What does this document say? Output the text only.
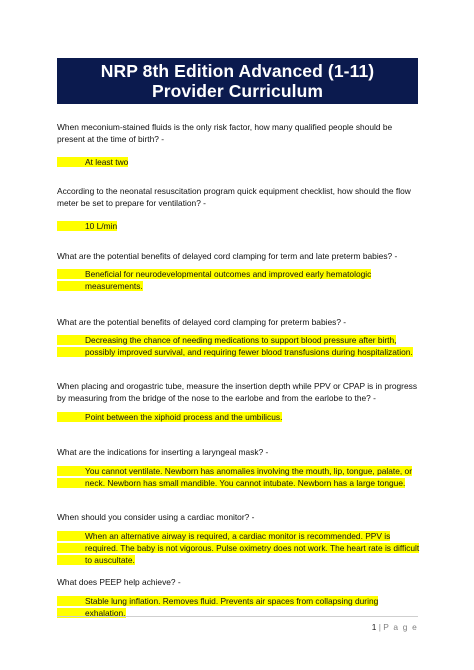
NRP 8th Edition Advanced (1-11)
Provider Curriculum

When meconium-stained fluids is the only risk factor, how many qualified people should be present at the time of birth? -

At least two

According to the neonatal resuscitation program quick equipment checklist, how should the flow meter be set to prepare for ventilation? -

10 L/min

What are the potential benefits of delayed cord clamping for term and late preterm babies? -

Beneficial for neurodevelopmental outcomes and improved early hematologic measurements.

What are the potential benefits of delayed cord clamping for preterm babies? -

Decreasing the chance of needing medications to support blood pressure after birth, possibly improved survival, and requiring fewer blood transfusions during hospitalization.

When placing and orogastric tube, measure the insertion depth while PPV or CPAP is in progress by measuring from the bridge of the nose to the earlobe and from the earlobe to the? -

Point between the xiphoid process and the umbilicus.

What are the indications for inserting a laryngeal mask? -

You cannot ventilate. Newborn has anomalies involving the mouth, lip, tongue, palate, or neck. Newborn has small mandible. You cannot intubate. Newborn has a large tongue.

When should you consider using a cardiac monitor? -

When an alternative airway is required, a cardiac monitor is recommended. PPV is required. The baby is not vigorous. Pulse oximetry does not work. The heart rate is difficult to auscultate.

What does PEEP help achieve? -

Stable lung inflation. Removes fluid. Prevents air spaces from collapsing during exhalation.

1 | P a g e
